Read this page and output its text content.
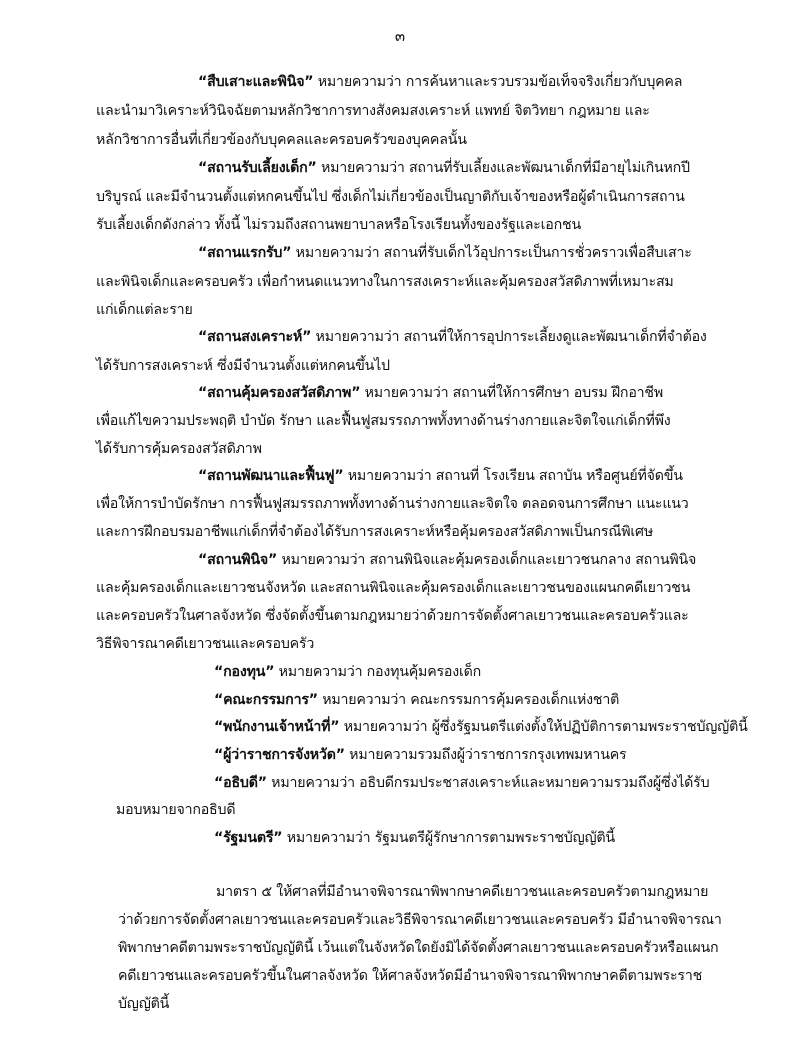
๓
“สืบเสาะและพินิจ” หมายความว่า การค้นหาและรวบรวมข้อเท็จจริงเกี่ยวกับบุคคล
และนำมาวิเคราะห์วินิจฉัยตามหลักวิชาการทางสังคมสงเคราะห์ แพทย์ จิตวิทยา กฎหมาย และ
หลักวิชาการอื่นที่เกี่ยวข้องกับบุคคลและครอบครัวของบุคคลนั้น
“สถานรับเลี้ยงเด็ก” หมายความว่า สถานที่รับเลี้ยงและพัฒนาเด็กที่มีอายุไม่เกินหกปี
บริบูรณ์ และมีจำนวนตั้งแต่หกคนขึ้นไป ซึ่งเด็กไม่เกี่ยวข้องเป็นญาติกับเจ้าของหรือผู้ดำเนินการสถาน
รับเลี้ยงเด็กดังกล่าว ทั้งนี้ ไม่รวมถึงสถานพยาบาลหรือโรงเรียนทั้งของรัฐและเอกชน
“สถานแรกรับ” หมายความว่า สถานที่รับเด็กไว้อุปการะเป็นการชั่วคราวเพื่อสืบเสาะ
และพินิจเด็กและครอบครัว เพื่อกำหนดแนวทางในการสงเคราะห์และคุ้มครองสวัสดิภาพที่เหมาะสม
แก่เด็กแต่ละราย
“สถานสงเคราะห์” หมายความว่า สถานที่ให้การอุปการะเลี้ยงดูและพัฒนาเด็กที่จำต้อง
ได้รับการสงเคราะห์ ซึ่งมีจำนวนตั้งแต่หกคนขึ้นไป
“สถานคุ้มครองสวัสดิภาพ” หมายความว่า สถานที่ให้การศึกษา อบรม ฝึกอาชีพ
เพื่อแก้ไขความประพฤติ บำบัด รักษา และฟื้นฟูสมรรถภาพทั้งทางด้านร่างกายและจิตใจแก่เด็กที่พึง
ได้รับการคุ้มครองสวัสดิภาพ
“สถานพัฒนาและฟื้นฟู” หมายความว่า สถานที่ โรงเรียน สถาบัน หรือศูนย์ที่จัดขึ้น
เพื่อให้การบำบัดรักษา การฟื้นฟูสมรรถภาพทั้งทางด้านร่างกายและจิตใจ ตลอดจนการศึกษา แนะแนว
และการฝึกอบรมอาชีพแก่เด็กที่จำต้องได้รับการสงเคราะห์หรือคุ้มครองสวัสดิภาพเป็นกรณีพิเศษ
“สถานพินิจ” หมายความว่า สถานพินิจและคุ้มครองเด็กและเยาวชนกลาง สถานพินิจ
และคุ้มครองเด็กและเยาวชนจังหวัด และสถานพินิจและคุ้มครองเด็กและเยาวชนของแผนกคดีเยาวชน
และครอบครัวในศาลจังหวัด ซึ่งจัดตั้งขึ้นตามกฎหมายว่าด้วยการจัดตั้งศาลเยาวชนและครอบครัวและ
วิธีพิจารณาคดีเยาวชนและครอบครัว
“กองทุน” หมายความว่า กองทุนคุ้มครองเด็ก
“คณะกรรมการ” หมายความว่า คณะกรรมการคุ้มครองเด็กแห่งชาติ
“พนักงานเจ้าหน้าที่” หมายความว่า ผู้ซึ่งรัฐมนตรีแต่งตั้งให้ปฏิบัติการตามพระราชบัญญัตินี้
“ผู้ว่าราชการจังหวัด” หมายความรวมถึงผู้ว่าราชการกรุงเทพมหานคร
“อธิบดี” หมายความว่า อธิบดีกรมประชาสงเคราะห์และหมายความรวมถึงผู้ซึ่งได้รับ
มอบหมายจากอธิบดี
“รัฐมนตรี” หมายความว่า รัฐมนตรีผู้รักษาการตามพระราชบัญญัตินี้
มาตรา ๕ ให้ศาลที่มีอำนาจพิจารณาพิพากษาคดีเยาวชนและครอบครัวตามกฎหมาย
ว่าด้วยการจัดตั้งศาลเยาวชนและครอบครัวและวิธีพิจารณาคดีเยาวชนและครอบครัว มีอำนาจพิจารณา
พิพากษาคดีตามพระราชบัญญัตินี้ เว้นแต่ในจังหวัดใดยังมิได้จัดตั้งศาลเยาวชนและครอบครัวหรือแผนก
คดีเยาวชนและครอบครัวขึ้นในศาลจังหวัด ให้ศาลจังหวัดมีอำนาจพิจารณาพิพากษาคดีตามพระราช
บัญญัตินี้
